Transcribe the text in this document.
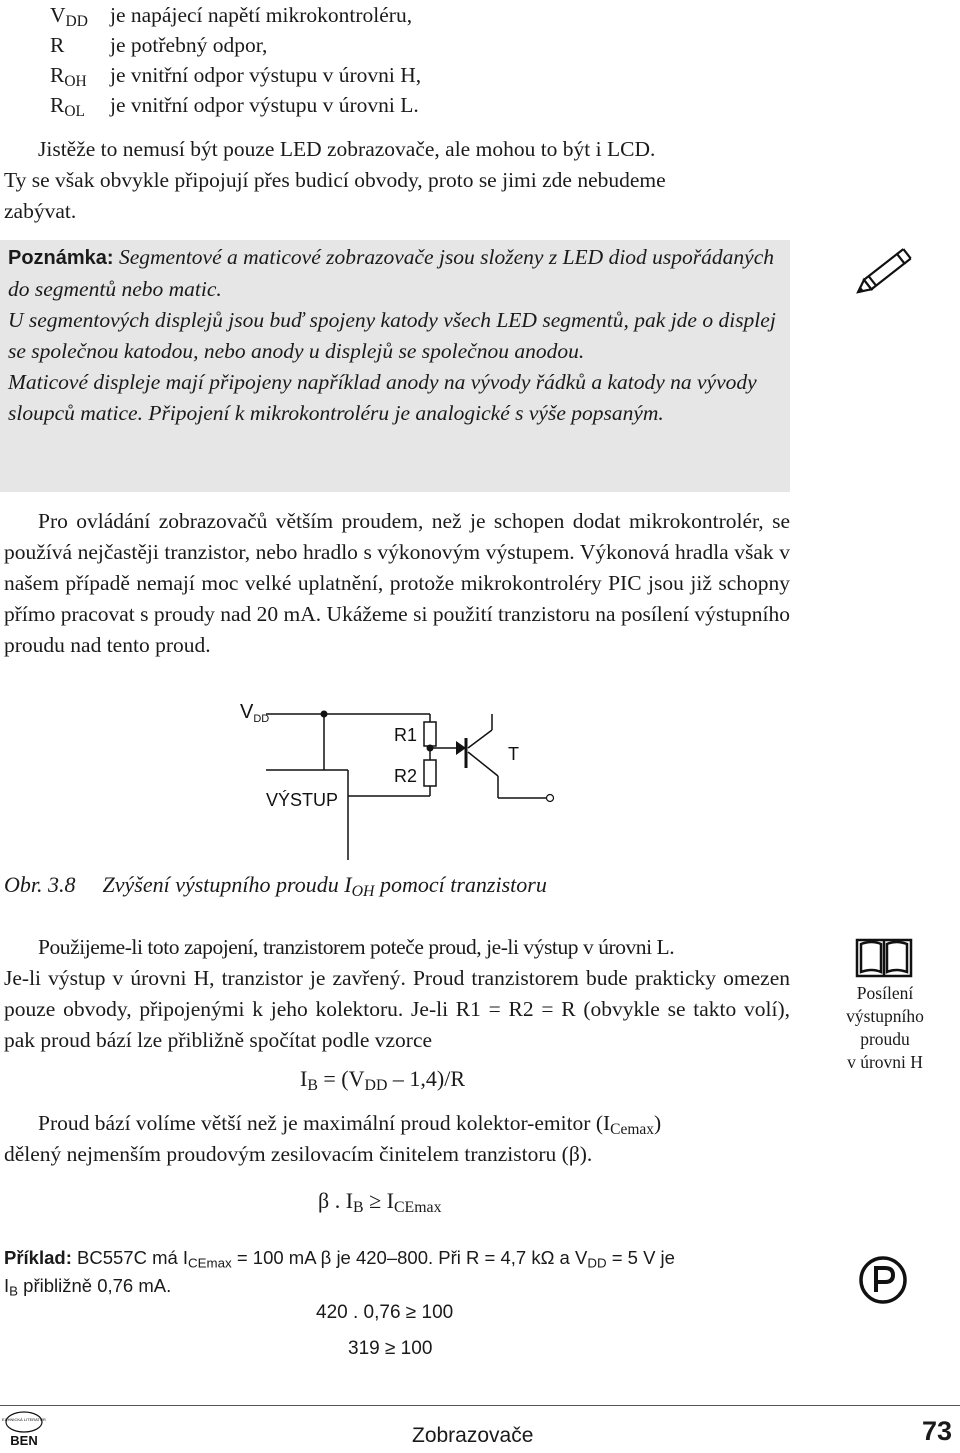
$V_{DD}$ je napájecí napětí mikrokontroléru,
R je potřebný odpor,
$R_{OH}$ je vnitřní odpor výstupu v úrovni H,
$R_{OL}$ je vnitřní odpor výstupu v úrovni L.
Jistěže to nemusí být pouze LED zobrazovače, ale mohou to být i LCD.
Ty se však obvykle připojují přes budicí obvody, proto se jimi zde nebudeme
zabývat.

Poznámka: Segmentové a maticové zobrazovače jsou složeny z LED diod uspořádaných do segmentů nebo matic.

U segmentových displejů jsou buď spojeny katody všech LED segmentů, pak jde o displej se společnou katodou, nebo anody u displejů se společnou anodou.

Maticové displeje mají připojeny například anody na vývody řádků a katody na vývody sloupců matice. Připojení k mikrokontroléru je analogické s výše popsaným.

Pro ovládání zobrazovačů větším proudem, než je schopen dodat mikrokontrolér, se používá nejčastěji tranzistor, nebo hradlo s výkonovým výstupem. Výkonová hradla však v našem případě nemají moc velké uplatnění, protože mikrokontroléry PIC jsou již schopny přímo pracovat s proudy nad 20 mA. Ukážeme si použití tranzistoru na posílení výstupního proudu nad tento proud.

$V_{DD}$
R1
R2
T
VÝSTUP
Obr. 3.8 Zvýšení výstupního proudu $I_{OH}$ pomocí tranzistoru

Použijeme-li toto zapojení, tranzistorem poteče proud, je-li výstup v úrovni L.

Je-li výstup v úrovni H, tranzistor je zavřený. Proud tranzistorem bude prakticky omezen pouze obvody, připojenými k jeho kolektoru. Je-li R1 = R2 = R (obvykle se takto volí), pak proud bází lze přibližně spočítat podle vzorce

Posílení
výstupního
proudu
v úrovni H
$I_B = (V_{DD} - 1,4)/R$
Proud bází volíme větší než je maximální proud kolektor-emitor $(I_{Cemax})$
dělený nejmenším proudovým zesilovacím činitelem tranzistoru (β).
β . $I_B \ge I_{CEmax}$
Příklad: BC557C má $I_{CEmax} = 100$ mA β je 420–800. Při R = 4,7 kΩ a $V_{DD} = 5$ V je
$I_B$ přibližně 0,76 mA.
420 . 0,76 ≥ 100
319 ≥ 100
TECHNICKÁ LITERATURA
BEN	Zobrazovače	73
